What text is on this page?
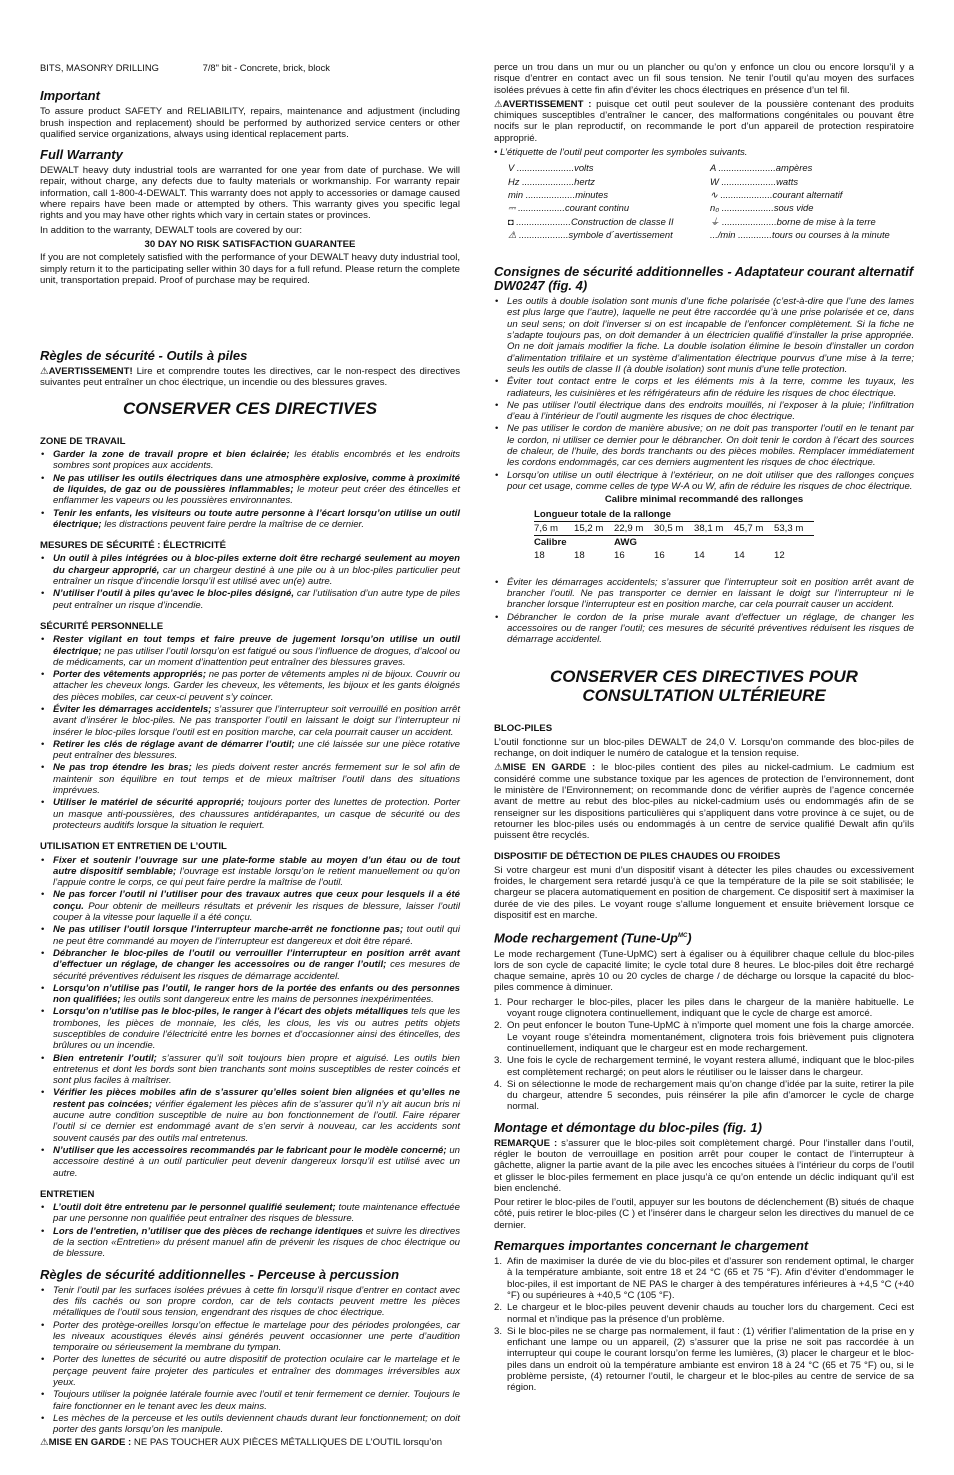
BITS, MASONRY DRILLING	7/8" bit - Concrete, brick, block
Important

To assure product SAFETY and RELIABILITY, repairs, maintenance and adjustment (including brush inspection and replacement) should be performed by authorized service centers or other qualified service organizations, always using identical replacement parts.

Full Warranty

DEWALT heavy duty industrial tools are warranted for one year from date of purchase. We will repair, without charge, any defects due to faulty materials or workmanship. For warranty repair information, call 1-800-4-DEWALT. This warranty does not apply to accessories or damage caused where repairs have been made or attempted by others. This warranty gives you specific legal rights and you may have other rights which vary in certain states or provinces.

In addition to the warranty, DEWALT tools are covered by our:

30 DAY NO RISK SATISFACTION GUARANTEE

If you are not completely satisfied with the performance of your DEWALT heavy duty industrial tool, simply return it to the participating seller within 30 days for a full refund. Please return the complete unit, transportation prepaid. Proof of purchase may be required.

Règles de sécurité - Outils à piles

⚠AVERTISSEMENT! Lire et comprendre toutes les directives, car le non-respect des directives suivantes peut entraîner un choc électrique, un incendie ou des blessures graves.

CONSERVER CES DIRECTIVES
ZONE DE TRAVAIL
• Garder la zone de travail propre et bien éclairée; les établis encombrés et les endroits sombres sont propices aux accidents.
• Ne pas utiliser les outils électriques dans une atmosphère explosive, comme à proximité de liquides, de gaz ou de poussières inflammables; le moteur peut créer des étincelles et enflammer les vapeurs ou les poussières environnantes.
• Tenir les enfants, les visiteurs ou toute autre personne à l’écart lorsqu’on utilise un outil électrique; les distractions peuvent faire perdre la maîtrise de ce dernier.
MESURES DE SÉCURITÉ : ÉLECTRICITÉ
• Un outil à piles intégrées ou à bloc-piles externe doit être rechargé seulement au moyen du chargeur approprié, car un chargeur destiné à une pile ou à un bloc-piles particulier peut entraîner un risque d’incendie lorsqu’il est utilisé avec un(e) autre.
• N’utiliser l’outil à piles qu’avec le bloc-piles désigné, car l’utilisation d’un autre type de piles peut entraîner un risque d’incendie.
SÉCURITÉ PERSONNELLE
• Rester vigilant en tout temps et faire preuve de jugement lorsqu’on utilise un outil électrique; ne pas utiliser l’outil lorsqu’on est fatigué ou sous l’influence de drogues, d’alcool ou de médicaments, car un moment d’inattention peut entraîner des blessures graves.
• Porter des vêtements appropriés; ne pas porter de vêtements amples ni de bijoux. Couvrir ou attacher les cheveux longs. Garder les cheveux, les vêtements, les bijoux et les gants éloignés des pièces mobiles, car ceux-ci peuvent s’y coincer.
• Éviter les démarrages accidentels; s’assurer que l’interrupteur soit verrouillé en position arrêt avant d’insérer le bloc-piles. Ne pas transporter l’outil en laissant le doigt sur l’interrupteur ni insérer le bloc-piles lorsque l’outil est en position marche, car cela pourrait causer un accident.
• Retirer les clés de réglage avant de démarrer l’outil; une clé laissée sur une pièce rotative peut entraîner des blessures.
• Ne pas trop étendre les bras; les pieds doivent rester ancrés fermement sur le sol afin de maintenir son équilibre en tout temps et de mieux maîtriser l’outil dans des situations imprévues.
• Utiliser le matériel de sécurité approprié; toujours porter des lunettes de protection. Porter un masque anti-poussières, des chaussures antidérapantes, un casque de sécurité ou des protecteurs auditifs lorsque la situation le requiert.
UTILISATION ET ENTRETIEN DE L’OUTIL
• Fixer et soutenir l’ouvrage sur une plate-forme stable au moyen d’un étau ou de tout autre dispositif semblable; l’ouvrage est instable lorsqu’on le retient manuellement ou qu’on l’appuie contre le corps, ce qui peut faire perdre la maîtrise de l’outil.
• Ne pas forcer l’outil ni l’utiliser pour des travaux autres que ceux pour lesquels il a été conçu. Pour obtenir de meilleurs résultats et prévenir les risques de blessure, laisser l’outil couper à la vitesse pour laquelle il a été conçu.
• Ne pas utiliser l’outil lorsque l’interrupteur marche-arrêt ne fonctionne pas; tout outil qui ne peut être commandé au moyen de l’interrupteur est dangereux et doit être réparé.
• Débrancher le bloc-piles de l’outil ou verrouiller l’interrupteur en position arrêt avant d’effectuer un réglage, de changer les accessoires ou de ranger l’outil; ces mesures de sécurité préventives réduisent les risques de démarrage accidentel.
• Lorsqu’on n’utilise pas l’outil, le ranger hors de la portée des enfants ou des personnes non qualifiées; les outils sont dangereux entre les mains de personnes inexpérimentées.
• Lorsqu’on n’utilise pas le bloc-piles, le ranger à l’écart des objets métalliques tels que les trombones, les pièces de monnaie, les clés, les clous, les vis ou autres petits objets susceptibles de conduire l’électricité entre les bornes et d’occasionner ainsi des étincelles, des brûlures ou un incendie.
• Bien entretenir l’outil; s’assurer qu’il soit toujours bien propre et aiguisé. Les outils bien entretenus et dont les bords sont bien tranchants sont moins susceptibles de rester coincés et sont plus faciles à maîtriser.
• Vérifier les pièces mobiles afin de s’assurer qu’elles soient bien alignées et qu’elles ne restent pas coincées; vérifier également les pièces afin de s’assurer qu’il n’y ait aucun bris ni aucune autre condition susceptible de nuire au bon fonctionnement de l’outil. Faire réparer l’outil si ce dernier est endommagé avant de s’en servir à nouveau, car les accidents sont souvent causés par des outils mal entretenus.
• N’utiliser que les accessoires recommandés par le fabricant pour le modèle concerné; un accessoire destiné à un outil particulier peut devenir dangereux lorsqu’il est utilisé avec un autre.
ENTRETIEN
• L’outil doit être entretenu par le personnel qualifié seulement; toute maintenance effectuée par une personne non qualifiée peut entraîner des risques de blessure.
• Lors de l’entretien, n’utiliser que des pièces de rechange identiques et suivre les directives de la section «Entretien» du présent manuel afin de prévenir les risques de choc électrique ou de blessure.
Règles de sécurité additionnelles - Perceuse à percussion
• Tenir l’outil par les surfaces isolées prévues à cette fin lorsqu’il risque d’entrer en contact avec des fils cachés ou son propre cordon, car de tels contacts peuvent mettre les pièces métalliques de l’outil sous tension, engendrant des risques de choc électrique.
• Porter des protège-oreilles lorsqu’on effectue le martelage pour des périodes prolongées, car les niveaux acoustiques élevés ainsi générés peuvent occasionner une perte d’audition temporaire ou sérieusement la membrane du tympan.
• Porter des lunettes de sécurité ou autre dispositif de protection oculaire car le martelage et le perçage peuvent faire projeter des particules et entraîner des dommages irréversibles aux yeux.
• Toujours utiliser la poignée latérale fournie avec l’outil et tenir fermement ce dernier. Toujours le faire fonctionner en le tenant avec les deux mains.
• Les mèches de la perceuse et les outils deviennent chauds durant leur fonctionnement; on doit porter des gants lorsqu’on les manipule.

⚠MISE EN GARDE : NE PAS TOUCHER AUX PIÈCES MÉTALLIQUES DE L’OUTIL lorsqu’on

perce un trou dans un mur ou un plancher ou qu’on y enfonce un clou ou encore lorsqu’il y a risque d’entrer en contact avec un fil sous tension. Ne tenir l’outil qu’au moyen des surfaces isolées prévues à cette fin afin d’éviter les chocs électriques en présence d’un tel fil.

⚠AVERTISSEMENT : puisque cet outil peut soulever de la poussière contenant des produits chimiques susceptibles d’entraîner le cancer, des malformations congénitales ou pouvant être nocifs sur le plan reproductif, on recommande le port d’un appareil de protection respiratoire approprié.

• L’étiquette de l’outil peut comporter les symboles suivants.

V ......................volts	A ......................ampères
Hz ....................hertz	W .....................watts
min ...................minutes	∿ ....................courant alternatif
⎓ ..................courant continu	n₀ ....................sous vide
◘ .....................Construction de classe II	⏚ .....................borne de mise à la terre
⚠ ...................symbole d´avertissement	.../min .............tours ou courses à la minute
Consignes de sécurité additionnelles - Adaptateur courant alternatif DW0247 (fig. 4)
• Les outils à double isolation sont munis d’une fiche polarisée (c’est-à-dire que l’une des lames est plus large que l’autre), laquelle ne peut être raccordée qu’à une prise polarisée et ce, dans un seul sens; on doit l’inverser si on est incapable de l’enfoncer complètement. Si la fiche ne s’adapte toujours pas, on doit demander à un électricien qualifié d’installer la prise appropriée. On ne doit jamais modifier la fiche. La double isolation élimine le besoin d’installer un cordon d’alimentation trifilaire et un système d’alimentation électrique pourvus d’une mise à la terre; seuls les outils de classe II (à double isolation) sont munis d’une telle protection.
• Éviter tout contact entre le corps et les éléments mis à la terre, comme les tuyaux, les radiateurs, les cuisinières et les réfrigérateurs afin de réduire les risques de choc électrique.
• Ne pas utiliser l’outil électrique dans des endroits mouillés, ni l’exposer à la pluie; l’infiltration d’eau à l’intérieur de l’outil augmente les risques de choc électrique.
• Ne pas utiliser le cordon de manière abusive; on ne doit pas transporter l’outil en le tenant par le cordon, ni utiliser ce dernier pour le débrancher. On doit tenir le cordon à l’écart des sources de chaleur, de l’huile, des bords tranchants ou des pièces mobiles. Remplacer immédiatement les cordons endommagés, car ces derniers augmentent les risques de choc électrique.
• Lorsqu’on utilise un outil électrique à l’extérieur, on ne doit utiliser que des rallonges conçues pour cet usage, comme celles de type W-A ou W, afin de réduire les risques de choc électrique.

Calibre minimal recommandé des rallonges

Longueur totale de la rallonge						
7,6 m	15,2 m	22,9 m	30,5 m	38,1 m	45,7 m	53,3 m
Calibre		AWG				
18	18	16	16	14	14	12
• Éviter les démarrages accidentels; s’assurer que l’interrupteur soit en position arrêt avant de brancher l’outil. Ne pas transporter ce dernier en laissant le doigt sur l’interrupteur ni le brancher lorsque l’interrupteur est en position marche, car cela pourrait causer un accident.
• Débrancher le cordon de la prise murale avant d’effectuer un réglage, de changer les accessoires ou de ranger l’outil; ces mesures de sécurité préventives réduisent les risques de démarrage accidentel.
CONSERVER CES DIRECTIVES POUR CONSULTATION ULTÉRIEURE
BLOC-PILES

L’outil fonctionne sur un bloc-piles DEWALT de 24,0 V. Lorsqu’on commande des bloc-piles de rechange, on doit indiquer le numéro de catalogue et la tension requise.

⚠MISE EN GARDE : le bloc-piles contient des piles au nickel-cadmium. Le cadmium est considéré comme une substance toxique par les agences de protection de l’environnement, dont le ministère de l’Environnement; on recommande donc de vérifier auprès de l’agence concernée avant de mettre au rebut des bloc-piles au nickel-cadmium usés ou endommagés afin de se renseigner sur les dispositions particulières qui s’appliquent dans votre province à ce sujet, ou de retourner les bloc-piles usés ou endommagés à un centre de service qualifié Dewalt afin qu’ils puissent être recyclés.

DISPOSITIF DE DÉTECTION DE PILES CHAUDES OU FROIDES

Si votre chargeur est muni d’un dispositif visant à détecter les piles chaudes ou excessivement froides, le chargement sera retardé jusqu’à ce que la température de la pile se soit stabilisée; le chargeur se placera automatiquement en position de chargement. Ce dispositif sert à maximiser la durée de vie des piles. Le voyant rouge s’allume longuement et ensuite brièvement lorsque ce dispositif est en marche.

Mode rechargement $(Tune-Up^{MC})$

Le mode rechargement (Tune-UpMC) sert à égaliser ou à équilibrer chaque cellule du bloc-piles lors de son cycle de capacité limite; le cycle total dure 8 heures. Le bloc-piles doit être rechargé chaque semaine, après 10 ou 20 cycles de charge / de décharge ou lorsque la capacité du bloc-piles commence à diminuer.

1. Pour recharger le bloc-piles, placer les piles dans le chargeur de la manière habituelle. Le voyant rouge clignotera continuellement, indiquant que le cycle de charge est amorcé.
2. On peut enfoncer le bouton Tune-UpMC à n’importe quel moment une fois la charge amorcée. Le voyant rouge s’éteindra momentanément, clignotera trois fois brièvement puis clignotera continuellement, indiquant que le chargeur est en mode rechargement.
3. Une fois le cycle de rechargement terminé, le voyant restera allumé, indiquant que le bloc-piles est complètement rechargé; on peut alors le réutiliser ou le laisser dans le chargeur.
4. Si on sélectionne le mode de rechargement mais qu’on change d’idée par la suite, retirer la pile du chargeur, attendre 5 secondes, puis réinsérer la pile afin d’amorcer le cycle de charge normal.
Montage et démontage du bloc-piles (fig. 1)

REMARQUE : s’assurer que le bloc-piles soit complètement chargé. Pour l’installer dans l’outil, régler le bouton de verrouillage en position arrêt pour couper le contact de l’interrupteur à gâchette, aligner la partie avant de la pile avec les encoches situées à l’intérieur du corps de l’outil et glisser le bloc-piles fermement en place jusqu’à ce qu’on entende un déclic indiquant qu’il est bien enclenché.

Pour retirer le bloc-piles de l’outil, appuyer sur les boutons de déclenchement (B) situés de chaque côté, puis retirer le bloc-piles (C ) et l’insérer dans le chargeur selon les directives du manuel de ce dernier.

Remarques importantes concernant le chargement
1. Afin de maximiser la durée de vie du bloc-piles et d’assurer son rendement optimal, le charger à la température ambiante, soit entre 18 et 24 °C (65 et 75 °F). Afin d’éviter d’endommager le bloc-piles, il est important de NE PAS le charger à des températures inférieures à +4,5 °C (+40 °F) ou supérieures à +40,5 °C (105 °F).
2. Le chargeur et le bloc-piles peuvent devenir chauds au toucher lors du chargement. Ceci est normal et n’indique pas la présence d’un problème.
3. Si le bloc-piles ne se charge pas normalement, il faut : (1) vérifier l’alimentation de la prise en y enfichant une lampe ou un appareil, (2) s’assurer que la prise ne soit pas raccordée à un interrupteur qui coupe le courant lorsqu’on ferme les lumières, (3) placer le chargeur et le bloc-piles dans un endroit où la température ambiante est environ 18 à 24 °C (65 et 75 °F) ou, si le problème persiste, (4) retourner l’outil, le chargeur et le bloc-piles au centre de service de sa région.
